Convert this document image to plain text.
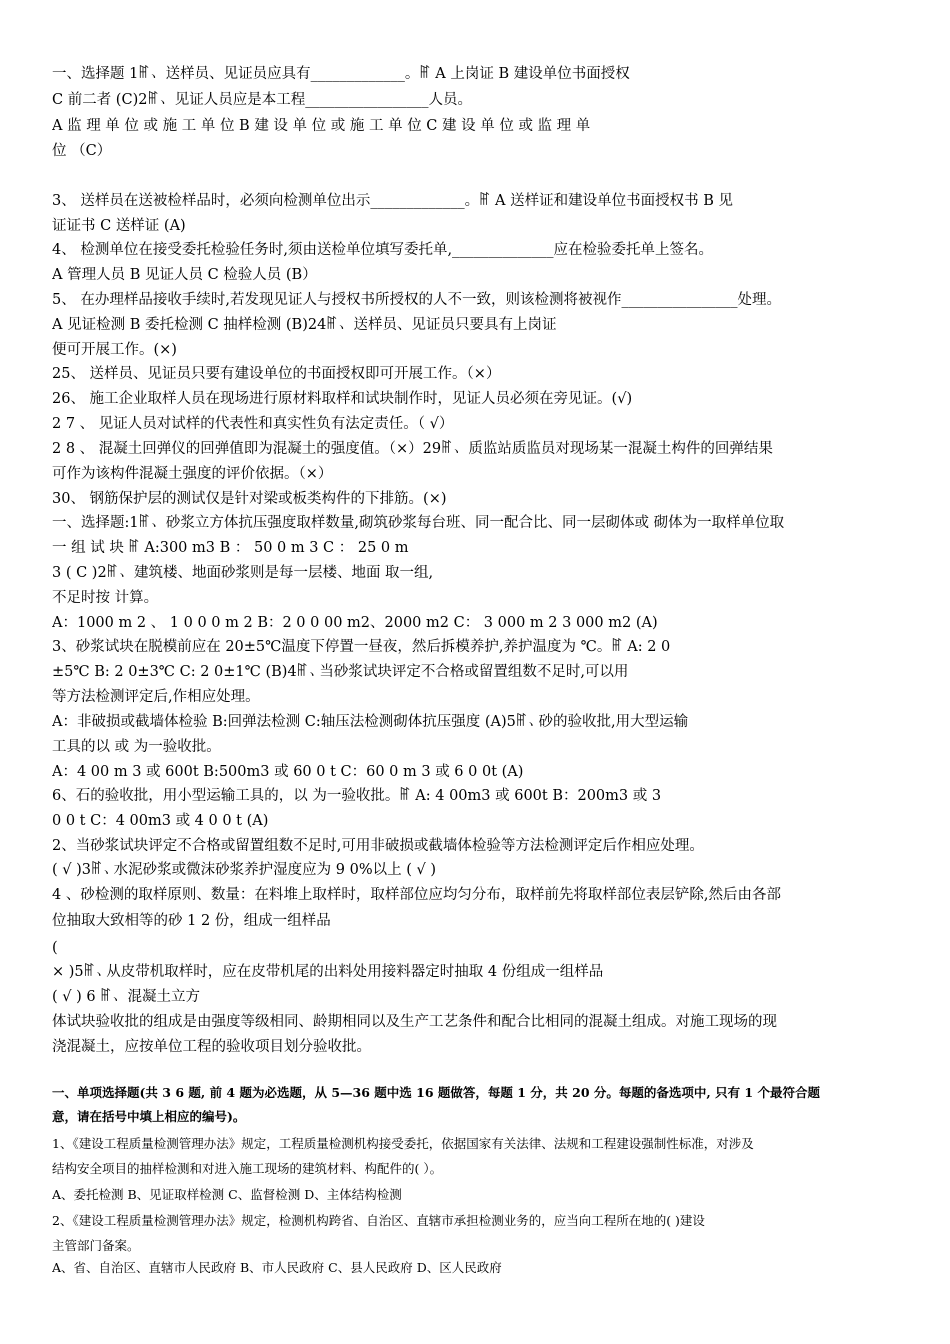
一、选择题 1ꂵ、 送样员、见证员应具有_____________。ꂵ A 上岗证 B 建设单位书面授权
C 前二者 (C)2ꂵ、 见证人员应是本工程_________________人员。
A 监 理 单 位 或 施 工 单 位 B 建 设 单 位 或 施 工 单 位 C 建 设 单 位 或 监 理 单
位 （C）
3、 送样员在送被检样品时，必须向检测单位出示_____________。ꂵ A 送样证和建设单位书面授权书 B 见
证证书 C 送样证 (A)
4、 检测单位在接受委托检验任务时,须由送检单位填写委托单,______________应在检验委托单上签名。
A 管理人员 B 见证人员 C 检验人员 (B）
5、 在办理样品接收手续时,若发现见证人与授权书所授权的人不一致，则该检测将被视作________________处理。
A 见证检测 B 委托检测 C 抽样检测 (B)24ꂵ、 送样员、见证员只要具有上岗证
便可开展工作。(×)
25、 送样员、见证员只要有建设单位的书面授权即可开展工作。（×）
26、 施工企业取样人员在现场进行原材料取样和试块制作时，见证人员必须在旁见证。(√)
2 7 、 见证人员对试样的代表性和真实性负有法定责任。（ √）
2 8 、 混凝土回弹仪的回弹值即为混凝土的强度值。（×）29ꂵ、 质监站质监员对现场某一混凝土构件的回弹结果
可作为该构件混凝土强度的评价依据。（×）
30、 钢筋保护层的测试仅是针对梁或板类构件的下排筋。(×)
一、选择题:1ꂵ、 砂浆立方体抗压强度取样数量,砌筑砂浆每台班、同一配合比、同一层砌体或 砌体为一取样单位取
一 组 试 块 ꂵ A:300 m3 B ： 50 0 m 3 C ： 25 0 m
3 ( C )2ꂵ、 建筑楼、地面砂浆则是每一层楼、地面 取一组,
不足时按 计算。
A：1000 m 2 、 1 0 0 0 m 2 B：2 0 0 00 m2、2000 m2 C： 3 000 m 2 3 000 m2 (A)
3、砂浆试块在脱模前应在 20±5℃温度下停置一昼夜，然后拆模养护,养护温度为 ℃。ꂵ A: 2 0
±5℃ B: 2 0±3℃ C: 2 0±1℃ (B)4ꂵ、当砂浆试块评定不合格或留置组数不足时,可以用
等方法检测评定后,作相应处理。
A：非破损或截墙体检验 B:回弹法检测 C:轴压法检测砌体抗压强度 (A)5ꂵ、砂的验收批,用大型运输
工具的以 或 为一验收批。
A：4 00 m 3 或 600t B:500m3 或 60 0 t C：60 0 m 3 或 6 0 0t (A)
6、石的验收批，用小型运输工具的，以 为一验收批。ꂵ A: 4 00m3 或 600t B：200m3 或 3
0 0 t C：4 00m3 或 4 0 0 t (A)
2、当砂浆试块评定不合格或留置组数不足时,可用非破损或截墙体检验等方法检测评定后作相应处理。
( √ )3ꂵ、水泥砂浆或微沫砂浆养护湿度应为 9 0%以上 ( √ )
4 、砂检测的取样原则、数量：在料堆上取样时，取样部位应均匀分布，取样前先将取样部位表层铲除,然后由各部
位抽取大致相等的砂 1 2 份，组成一组样品
(
× )5ꂵ、从皮带机取样时，应在皮带机尾的出料处用接料器定时抽取 4 份组成一组样品
( √ ) 6 ꂵ、 混凝土立方
体试块验收批的组成是由强度等级相同、龄期相同以及生产工艺条件和配合比相同的混凝土组成。对施工现场的现
浇混凝土，应按单位工程的验收项目划分验收批。
一、单项选择题(共 3 6 题, 前 4 题为必选题，从 5—36 题中选 16 题做答，每题 1 分，共 20 分。每题的备选项中, 只有 1 个最符合题
意，请在括号中填上相应的编号)。
1、《建设工程质量检测管理办法》规定，工程质量检测机构接受委托，依据国家有关法律、法规和工程建设强制性标准，对涉及
结构安全项目的抽样检测和对进入施工现场的建筑材料、构配件的( ）。
A、委托检测 B、见证取样检测 C、监督检测 D、主体结构检测
2、《建设工程质量检测管理办法》规定，检测机构跨省、自治区、直辖市承担检测业务的，应当向工程所在地的( )建设
主管部门备案。
A、省、自治区、直辖市人民政府 B、市人民政府 C、县人民政府 D、区人民政府
